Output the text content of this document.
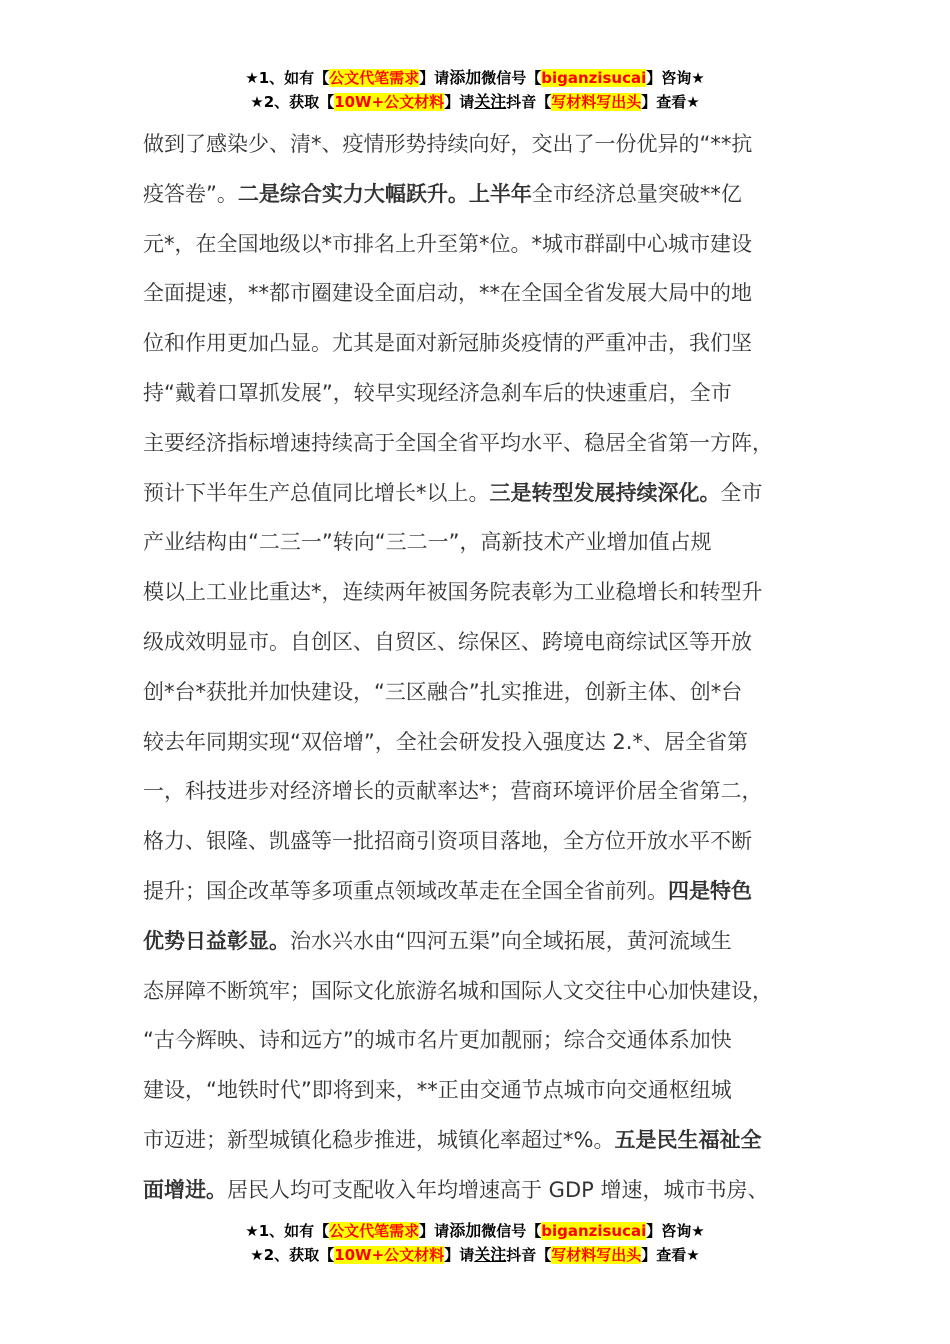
★1、如有【公文代笔需求】请添加微信号【biganzisucai】咨询★
★2、获取【10W+公文材料】请关注抖音【写材料写出头】查看★
做到了感染少、清*、疫情形势持续向好，交出了一份优异的“**抗
疫答卷”。二是综合实力大幅跃升。上半年全市经济总量突破**亿
元*，在全国地级以*市排名上升至第*位。*城市群副中心城市建设
全面提速，**都市圈建设全面启动，**在全国全省发展大局中的地
位和作用更加凸显。尤其是面对新冠肺炎疫情的严重冲击，我们坚
持“戴着口罩抓发展”，较早实现经济急刹车后的快速重启，全市
主要经济指标增速持续高于全国全省平均水平、稳居全省第一方阵，
预计下半年生产总值同比增长*以上。三是转型发展持续深化。全市
产业结构由“二三一”转向“三二一”，高新技术产业增加值占规
模以上工业比重达*，连续两年被国务院表彰为工业稳增长和转型升
级成效明显市。自创区、自贸区、综保区、跨境电商综试区等开放
创*台*获批并加快建设，“三区融合”扎实推进，创新主体、创*台
较去年同期实现“双倍增”，全社会研发投入强度达 2.*、居全省第
一，科技进步对经济增长的贡献率达*；营商环境评价居全省第二，
格力、银隆、凯盛等一批招商引资项目落地，全方位开放水平不断
提升；国企改革等多项重点领域改革走在全国全省前列。四是特色
优势日益彰显。治水兴水由“四河五渠”向全域拓展，黄河流域生
态屏障不断筑牢；国际文化旅游名城和国际人文交往中心加快建设，
“古今辉映、诗和远方”的城市名片更加靓丽；综合交通体系加快
建设，“地铁时代”即将到来，**正由交通节点城市向交通枢纽城
市迈进；新型城镇化稳步推进，城镇化率超过*%。五是民生福祉全
面增进。居民人均可支配收入年均增速高于 GDP 增速，城市书房、
★1、如有【公文代笔需求】请添加微信号【biganzisucai】咨询★
★2、获取【10W+公文材料】请关注抖音【写材料写出头】查看★
